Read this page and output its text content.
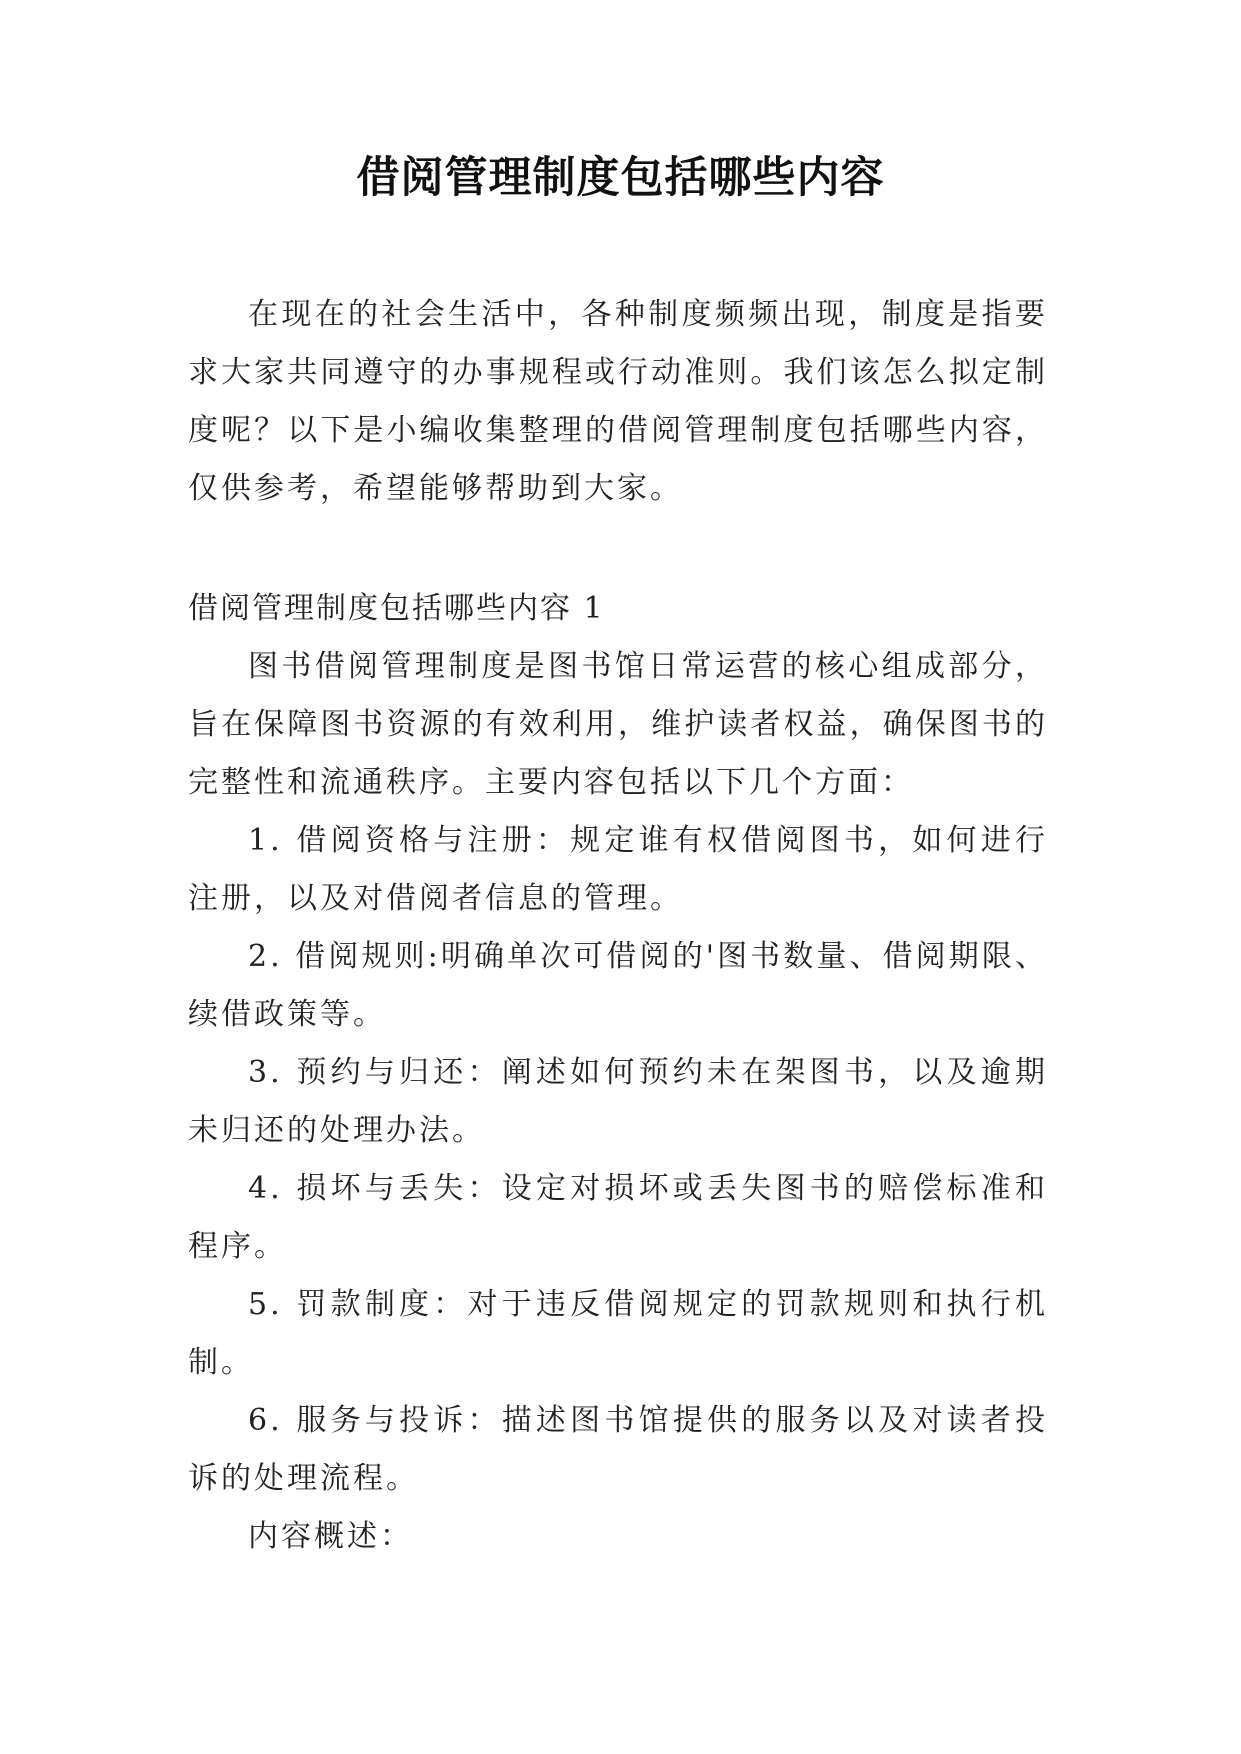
借阅管理制度包括哪些内容

在现在的社会生活中，各种制度频频出现，制度是指要求大家共同遵守的办事规程或行动准则。我们该怎么拟定制度呢？以下是小编收集整理的借阅管理制度包括哪些内容，仅供参考，希望能够帮助到大家。

借阅管理制度包括哪些内容 1

图书借阅管理制度是图书馆日常运营的核心组成部分，旨在保障图书资源的有效利用，维护读者权益，确保图书的完整性和流通秩序。主要内容包括以下几个方面：

1. 借阅资格与注册：规定谁有权借阅图书，如何进行注册，以及对借阅者信息的管理。

2. 借阅规则:明确单次可借阅的'图书数量、借阅期限、续借政策等。

3. 预约与归还：阐述如何预约未在架图书，以及逾期未归还的处理办法。

4. 损坏与丢失：设定对损坏或丢失图书的赔偿标准和程序。

5. 罚款制度：对于违反借阅规定的罚款规则和执行机制。

6. 服务与投诉：描述图书馆提供的服务以及对读者投诉的处理流程。

内容概述：
